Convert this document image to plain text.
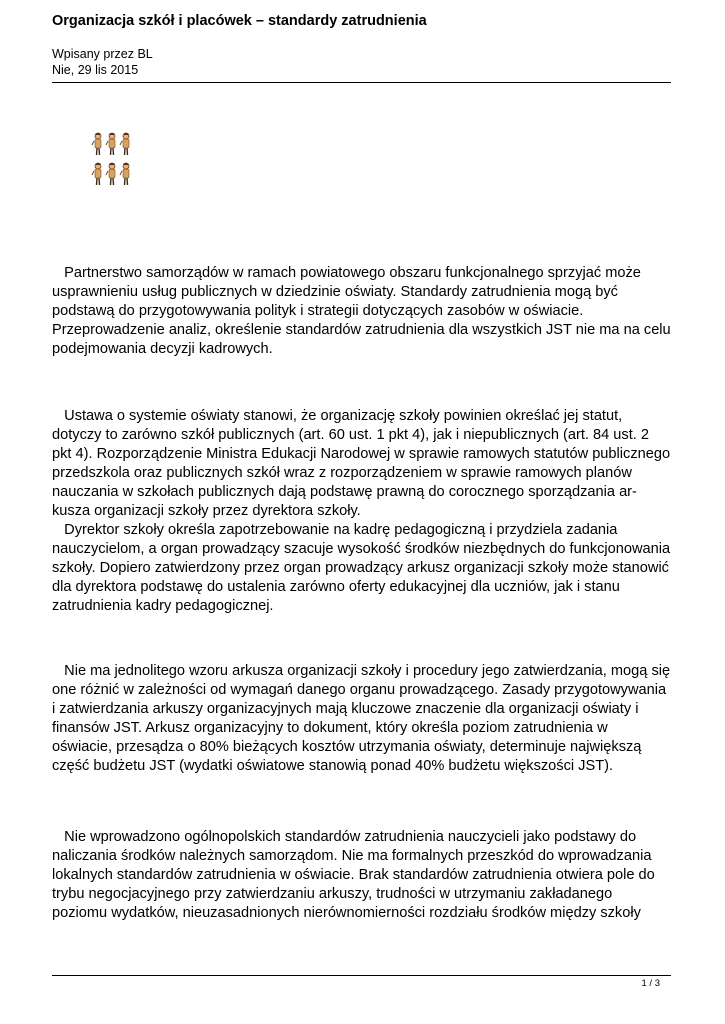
Organizacja szkół i placówek – standardy zatrudnienia
Wpisany przez BL
Nie, 29 lis 2015
Partnerstwo samorządów w ramach powiatowego obszaru funkcjonalnego sprzyjać może
usprawnieniu usług publicznych w dziedzinie oświaty. Standardy zatrudnienia mogą być
podstawą do przygotowywania polityk i strategii dotyczących zasobów w oświacie.
Przeprowadzenie analiz, określenie standardów zatrudnienia dla wszystkich JST nie ma na celu
podejmowania decyzji kadrowych.
Ustawa o systemie oświaty stanowi, że organizację szkoły powinien określać jej statut,
dotyczy to zarówno szkół publicznych (art. 60 ust. 1 pkt 4), jak i niepublicznych (art. 84 ust. 2
pkt 4). Rozporządzenie Ministra Edukacji Narodowej w sprawie ramowych statutów publicznego
przedszkola oraz publicznych szkół wraz z rozporządzeniem w sprawie ramowych planów
nauczania w szkołach publicznych dają podstawę prawną do corocznego sporządzania ar-
kusza organizacji szkoły przez dyrektora szkoły.
Dyrektor szkoły określa zapotrzebowanie na kadrę pedagogiczną i przydziela zadania
nauczycielom, a organ prowadzący szacuje wysokość środków niezbędnych do funkcjonowania
szkoły. Dopiero zatwierdzony przez organ prowadzący arkusz organizacji szkoły może stanowić
dla dyrektora podstawę do ustalenia zarówno oferty edukacyjnej dla uczniów, jak i stanu
zatrudnienia kadry pedagogicznej.
Nie ma jednolitego wzoru arkusza organizacji szkoły i procedury jego zatwierdzania, mogą się
one różnić w zależności od wymagań danego organu prowadzącego. Zasady przygotowywania
i zatwierdzania arkuszy organizacyjnych mają kluczowe znaczenie dla organizacji oświaty i
finansów JST. Arkusz organizacyjny to dokument, który określa poziom zatrudnienia w
oświacie, przesądza o 80% bieżących kosztów utrzymania oświaty, determinuje największą
część budżetu JST (wydatki oświatowe stanowią ponad 40% budżetu większości JST).
Nie wprowadzono ogólnopolskich standardów zatrudnienia nauczycieli jako podstawy do
naliczania środków należnych samorządom. Nie ma formalnych przeszkód do wprowadzania
lokalnych standardów zatrudnienia w oświacie. Brak standardów zatrudnienia otwiera pole do
trybu negocjacyjnego przy zatwierdzaniu arkuszy, trudności w utrzymaniu zakładanego
poziomu wydatków, nieuzasadnionych nierównomierności rozdziału środków między szkoły
1 / 3
